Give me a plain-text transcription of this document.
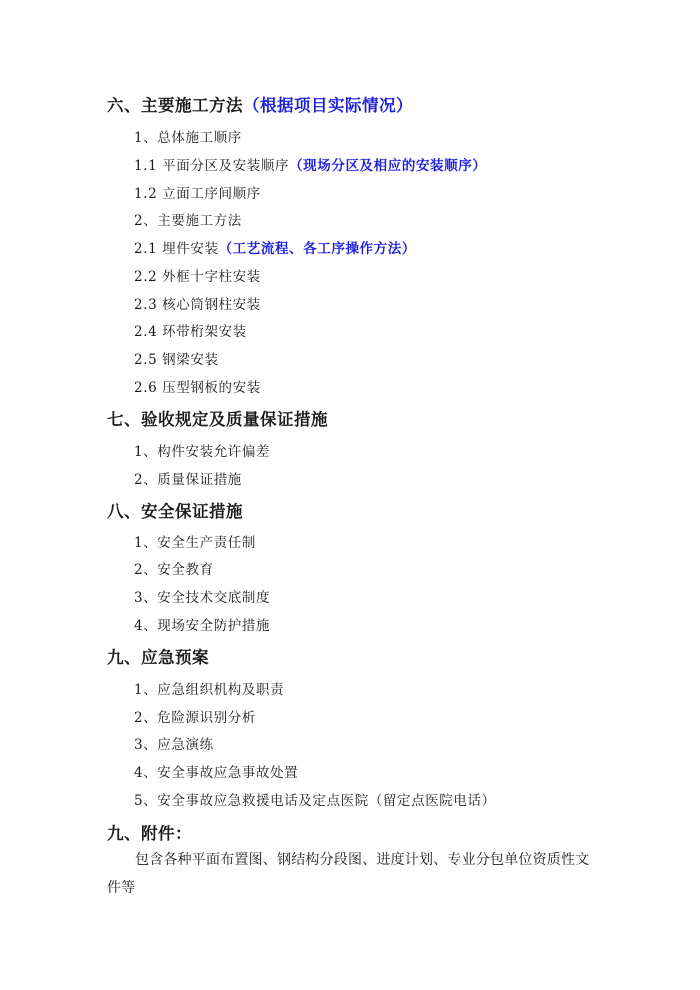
六、主要施工方法（根据项目实际情况）
1、总体施工顺序
1.1 平面分区及安装顺序（现场分区及相应的安装顺序）
1.2 立面工序间顺序
2、主要施工方法
2.1 埋件安装（工艺流程、各工序操作方法）
2.2 外框十字柱安装
2.3 核心筒钢柱安装
2.4 环带桁架安装
2.5 钢梁安装
2.6 压型钢板的安装
七、验收规定及质量保证措施
1、构件安装允许偏差
2、质量保证措施
八、安全保证措施
1、安全生产责任制
2、安全教育
3、安全技术交底制度
4、现场安全防护措施
九、应急预案
1、应急组织机构及职责
2、危险源识别分析
3、应急演练
4、安全事故应急事故处置
5、安全事故应急救援电话及定点医院（留定点医院电话）
九、附件：
包含各种平面布置图、钢结构分段图、进度计划、专业分包单位资质性文件等
